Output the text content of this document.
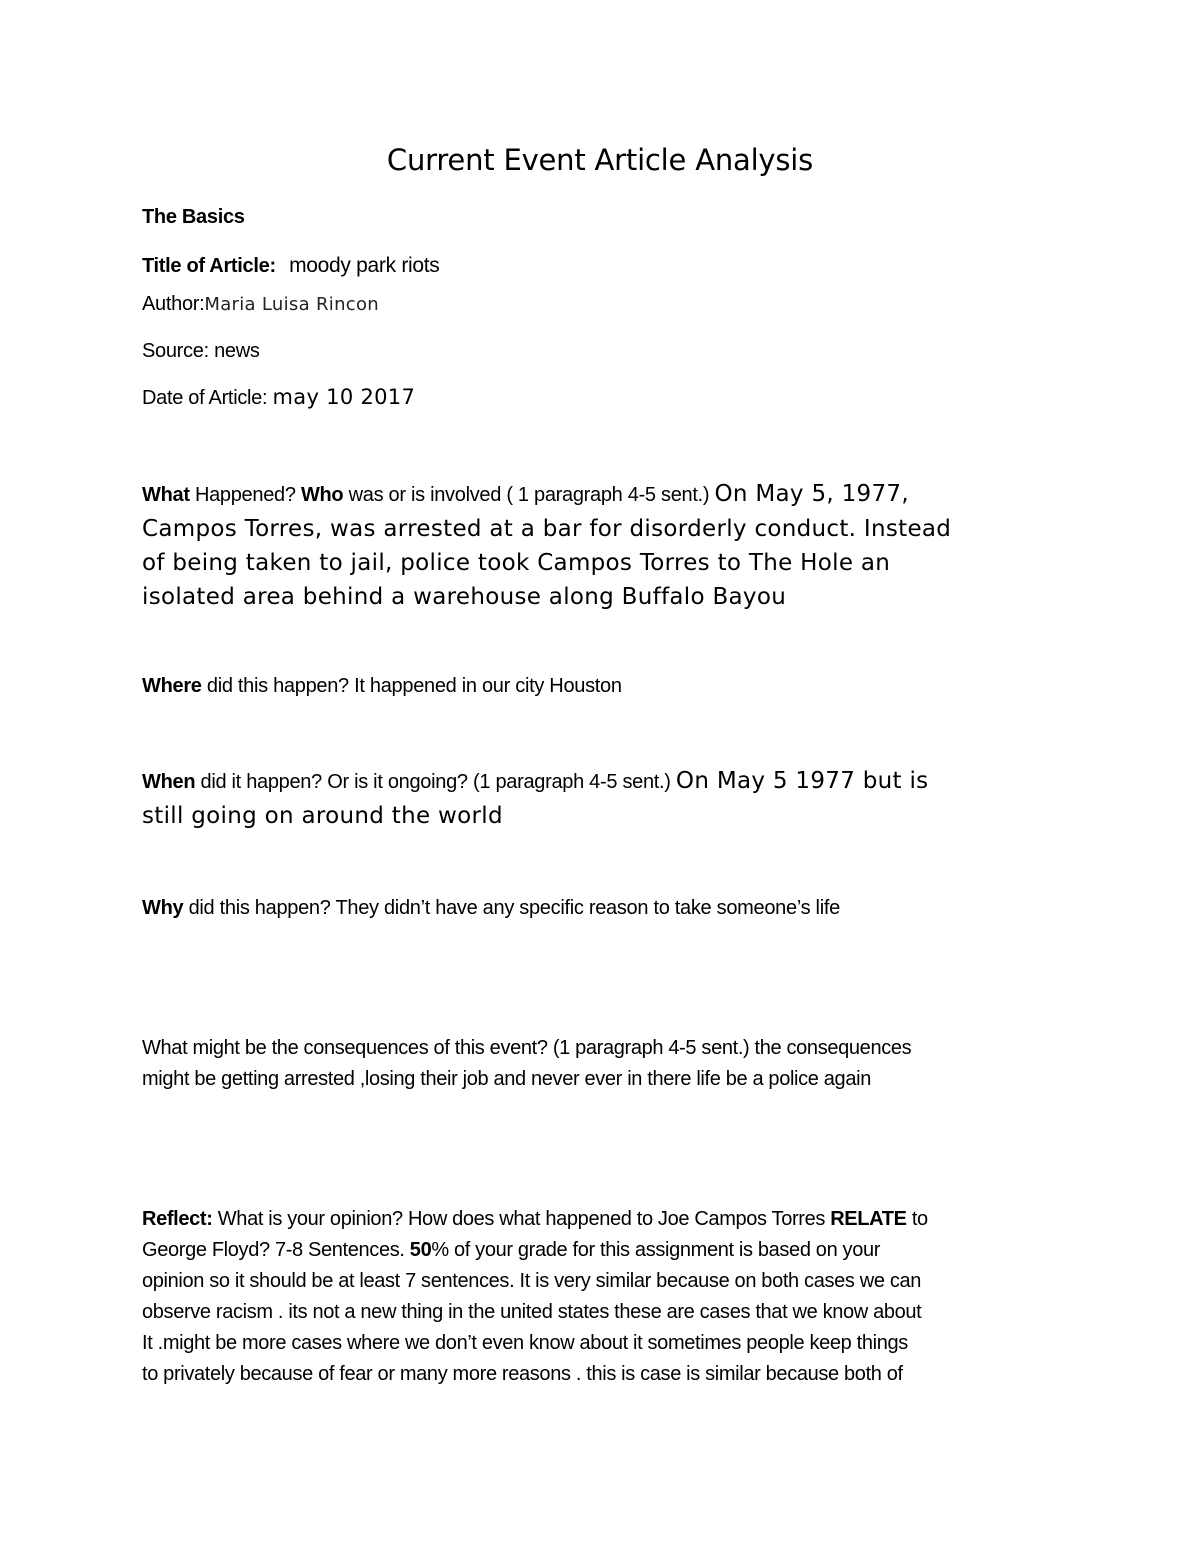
Current Event Article Analysis
The Basics
Title of Article: moody park riots
Author:Maria Luisa Rincon
Source: news
Date of Article: may 10 2017
What Happened? Who was or is involved ( 1 paragraph 4-5 sent.) On May 5, 1977,
Campos Torres, was arrested at a bar for disorderly conduct. Instead
of being taken to jail, police took Campos Torres to The Hole an
isolated area behind a warehouse along Buffalo Bayou
Where did this happen? It happened in our city Houston
When did it happen? Or is it ongoing? (1 paragraph 4-5 sent.) On May 5 1977 but is
still going on around the world
Why did this happen? They didn’t have any specific reason to take someone’s life
What might be the consequences of this event? (1 paragraph 4-5 sent.) the consequences
might be getting arrested ,losing their job and never ever in there life be a police again
Reflect: What is your opinion? How does what happened to Joe Campos Torres RELATE to
George Floyd? 7-8 Sentences. 50% of your grade for this assignment is based on your
opinion so it should be at least 7 sentences. It is very similar because on both cases we can
observe racism . its not a new thing in the united states these are cases that we know about
It .might be more cases where we don’t even know about it sometimes people keep things
to privately because of fear or many more reasons . this is case is similar because both of
